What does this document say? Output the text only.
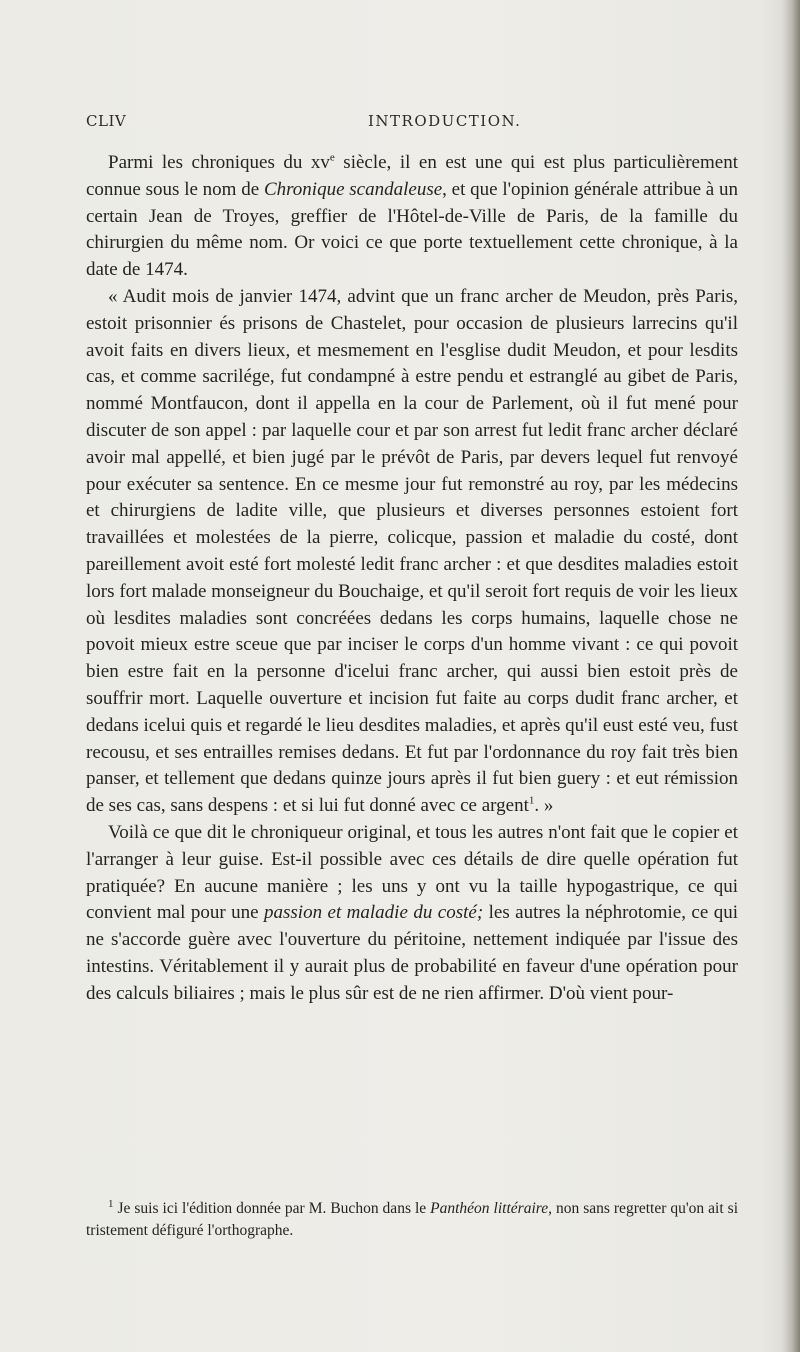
CLIV	INTRODUCTION.

Parmi les chroniques du $xv^e$ siècle, il en est une qui est plus particulièrement connue sous le nom de Chronique scandaleuse, et que l'opinion générale attribue à un certain Jean de Troyes, greffier de l'Hôtel-de-Ville de Paris, de la famille du chirurgien du même nom. Or voici ce que porte textuellement cette chronique, à la date de 1474.

« Audit mois de janvier 1474, advint que un franc archer de Meudon, près Paris, estoit prisonnier és prisons de Chastelet, pour occasion de plusieurs larrecins qu'il avoit faits en divers lieux, et mesmement en l'esglise dudit Meudon, et pour lesdits cas, et comme sacrilége, fut condampné à estre pendu et estranglé au gibet de Paris, nommé Montfaucon, dont il appella en la cour de Parlement, où il fut mené pour discuter de son appel : par laquelle cour et par son arrest fut ledit franc archer déclaré avoir mal appellé, et bien jugé par le prévôt de Paris, par devers lequel fut renvoyé pour exécuter sa sentence. En ce mesme jour fut remonstré au roy, par les médecins et chirurgiens de ladite ville, que plusieurs et diverses personnes estoient fort travaillées et molestées de la pierre, colicque, passion et maladie du costé, dont pareillement avoit esté fort molesté ledit franc archer : et que desdites maladies estoit lors fort malade monseigneur du Bouchaige, et qu'il seroit fort requis de voir les lieux où lesdites maladies sont concréées dedans les corps humains, laquelle chose ne povoit mieux estre sceue que par inciser le corps d'un homme vivant : ce qui povoit bien estre fait en la personne d'icelui franc archer, qui aussi bien estoit près de souffrir mort. Laquelle ouverture et incision fut faite au corps dudit franc archer, et dedans icelui quis et regardé le lieu desdites maladies, et après qu'il eust esté veu, fust recousu, et ses entrailles remises dedans. Et fut par l'ordonnance du roy fait très bien panser, et tellement que dedans quinze jours après il fut bien guery : et eut rémission de ses cas, sans despens : et si lui fut donné avec ce argent$^1$. »

Voilà ce que dit le chroniqueur original, et tous les autres n'ont fait que le copier et l'arranger à leur guise. Est-il possible avec ces détails de dire quelle opération fut pratiquée? En aucune manière ; les uns y ont vu la taille hypogastrique, ce qui convient mal pour une passion et maladie du costé; les autres la néphrotomie, ce qui ne s'accorde guère avec l'ouverture du péritoine, nettement indiquée par l'issue des intestins. Véritablement il y aurait plus de probabilité en faveur d'une opération pour des calculs biliaires ; mais le plus sûr est de ne rien affirmer. D'où vient pour-

$^1$ Je suis ici l'édition donnée par M. Buchon dans le Panthéon littéraire, non sans regretter qu'on ait si tristement défiguré l'orthographe.
